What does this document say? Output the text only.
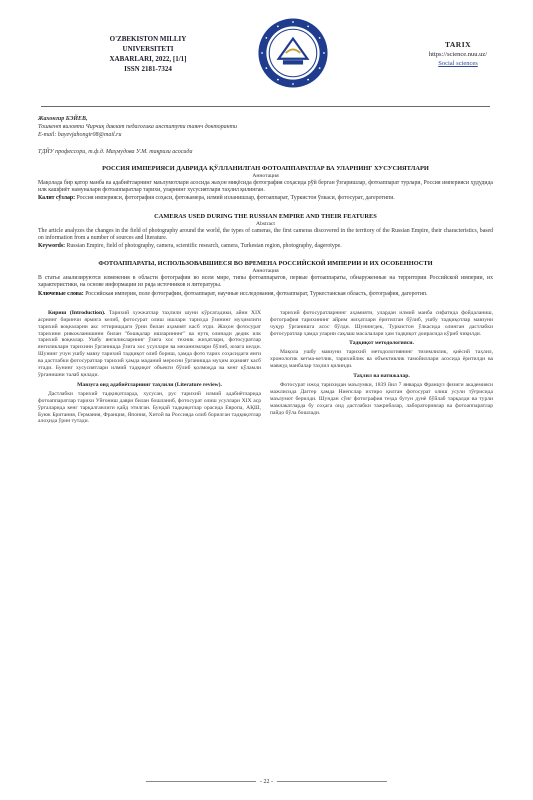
O'ZBEKISTON MILLIY
UNIVERSITETI
XABARLARI, 2022, [1/1]
ISSN 2181-7324
TARIX
https://science.nuu.uz/
Social sciences
Жахонгир БЭЙЕВ,
Тошкент вилояти Чирчиқ давлат педагогика институти таянч докторанти
E-mail: bayevjahongir08@mail.ru
ТДЙУ профессори, т.ф.д. Маҳмудова У.М. тақризи асосида
РОССИЯ ИМПЕРИЯСИ ДАВРИДА ҚЎЛЛАНИЛГАН ФОТОАППАРАТЛАР ВА УЛАРНИНГ ХУСУСИЯТЛАРИ
Аннотация
Мақолада бир қатор манба ва адабиётларнинг маълумотлари асосида жаҳон миқёсида фотография соҳасида рўй берган ўзгаришлар, фотоаппарат турлари, Россия империяси ҳудудида илк кашфиёт намуналари фотоаппаратлар тарихи, уларнинг хусусиятлари таҳлил қилинган.
Калит сўзлар: Россия империяси, фотография соҳаси, фотокамера, илмий изланишлар, фотоаппарат, Туркистон ўлкаси, фотосурат, дагеротипи.
CAMERAS USED DURING THE RUSSIAN EMPIRE AND THEIR FEATURES
Abstract
The article analyzes the changes in the field of photography around the world, the types of cameras, the first cameras discovered in the territory of the Russian Empire, their characteristics, based on information from a number of sources and literature.
Keywords: Russian Empire, field of photography, camera, scientific research, camera, Turkestan region, photography, dagerotype.
ФОТОАППАРАТЫ, ИСПОЛЬЗОВАВШИЕСЯ ВО ВРЕМЕНА РОССИЙСКОЙ ИМПЕРИИ И ИХ ОСОБЕННОСТИ
Аннотация
В статье анализируются изменения в области фотографии во всем мире, типы фотоаппаратов, первые фотоаппараты, обнаруженные на территории Российской империи, их характеристики, на основе информации из ряда источников и литературы.
Ключевые слова: Российская империя, поле фотографии, фотоаппарат, научные исследования, фотоаппарат, Туркестанская область, фотография, дагеротип.

Кириш (Introduction). Тарихий хужжатлар таҳлили шуни кўрсатадики, айни XIX асрнинг биринчи ярмига келиб, фотосурат олиш ишлари тарихда ўзининг муҳимлиги тарихий воқеаларни акс эттиришдаги ўрни билан аҳамият касб этди. Жаҳон фотосурат тарихини ривожланишини билан "бошқалар ишларининг" ва нутқ олинади дедик илк тарихий воқеалар. Ушбу янгиликларнинг ўзига хос техник жиҳатлари, фотосуратлар янгиликлари тарихини ўрганишда ўзига хос усуллари ва механизмлари бўлиб, юзага келди. Шунинг учун ушбу мавзу тарихий тадқиқот олиб бориш, ҳамда фото тарих соҳасидаги янги ва дастлабки фотосуратлар тарихий ҳамда маданий меросни ўрганишда муҳим аҳамият касб этади. Бунинг хусусиятлари илмий тадқиқот объекти бўлиб қолмоқда ва кенг кўламли ўрганишни талаб қилади.

Мавзуга оид адабиётларнинг таҳлили (Literature review).

Дастлабки тарихий тадқиқотларда, хусусан, рус тарихий илмий адабиётларида фотоаппаратлар тарихи Уйғониш даври билан бошланиб, фотосурат олиш усуллари XIX аср ўрталарида кенг тарқалганлиги қайд этилган. Бундай тадқиқотлар орасида Европа, АҚШ, Буюк Британия, Германия, Франция, Япония, Хитой ва Россияда олиб борилган тадқиқотлар алоҳида ўрин тутади.

тарихий фотосуратларнинг аҳамияти, улардан илмий манба сифатида фойдаланиш, фотография тарихининг айрим жиҳатлари ёритилган бўлиб, ушбу тадқиқотлар мавзуни чуқур ўрганишга асос бўлди. Шунингдек, Туркистон ўлкасида олинган дастлабки фотосуратлар ҳамда уларни сақлаш масалалари ҳам тадқиқот доирасида кўриб чиқилди.

Тадқиқот методологияси.

Мақола ушбу мавзуни тарихий методологиянинг тизимлилик, қиёсий таҳлил, хронологик кетма-кетлик, тарихийлик ва объективлик тамойиллари асосида ёритилди ва мавжуд манбалар таҳлил қилинди.

Таҳлил ва натижалар.

Фотосурат ижод тарихидан маълумки, 1839 йил 7 январда Француз физиги академияси мажлисида Даггер ҳамда Ниепслар ихтиро қилган фотосурат олиш усули тўғрисида маълумот берилди. Шундан сўнг фотография тезда бутун дунё бўйлаб тарқалди ва турли мамлакатларда бу соҳага оид дастлабки тажрибалар, лабораториялар ва фотоаппаратлар пайдо бўла бошлади.

- 22 -
